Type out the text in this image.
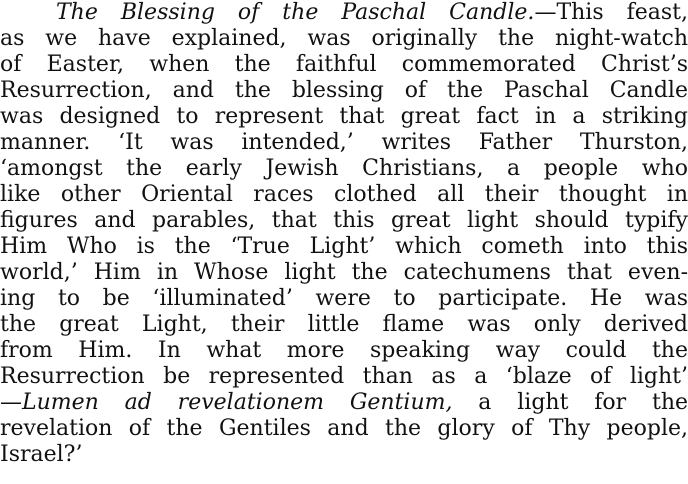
The Blessing of the Paschal Candle.—This feast,
as we have explained, was originally the night-watch
of Easter, when the faithful commemorated Christ’s
Resurrection, and the blessing of the Paschal Candle
was designed to represent that great fact in a striking
manner. ‘It was intended,’ writes Father Thurston,
‘amongst the early Jewish Christians, a people who
like other Oriental races clothed all their thought in
figures and parables, that this great light should typify
Him Who is the ‘True Light’ which cometh into this
world,’ Him in Whose light the catechumens that even-
ing to be ‘illuminated’ were to participate. He was
the great Light, their little flame was only derived
from Him. In what more speaking way could the
Resurrection be represented than as a ‘blaze of light’
—Lumen ad revelationem Gentium, a light for the
revelation of the Gentiles and the glory of Thy people,
Israel?’
